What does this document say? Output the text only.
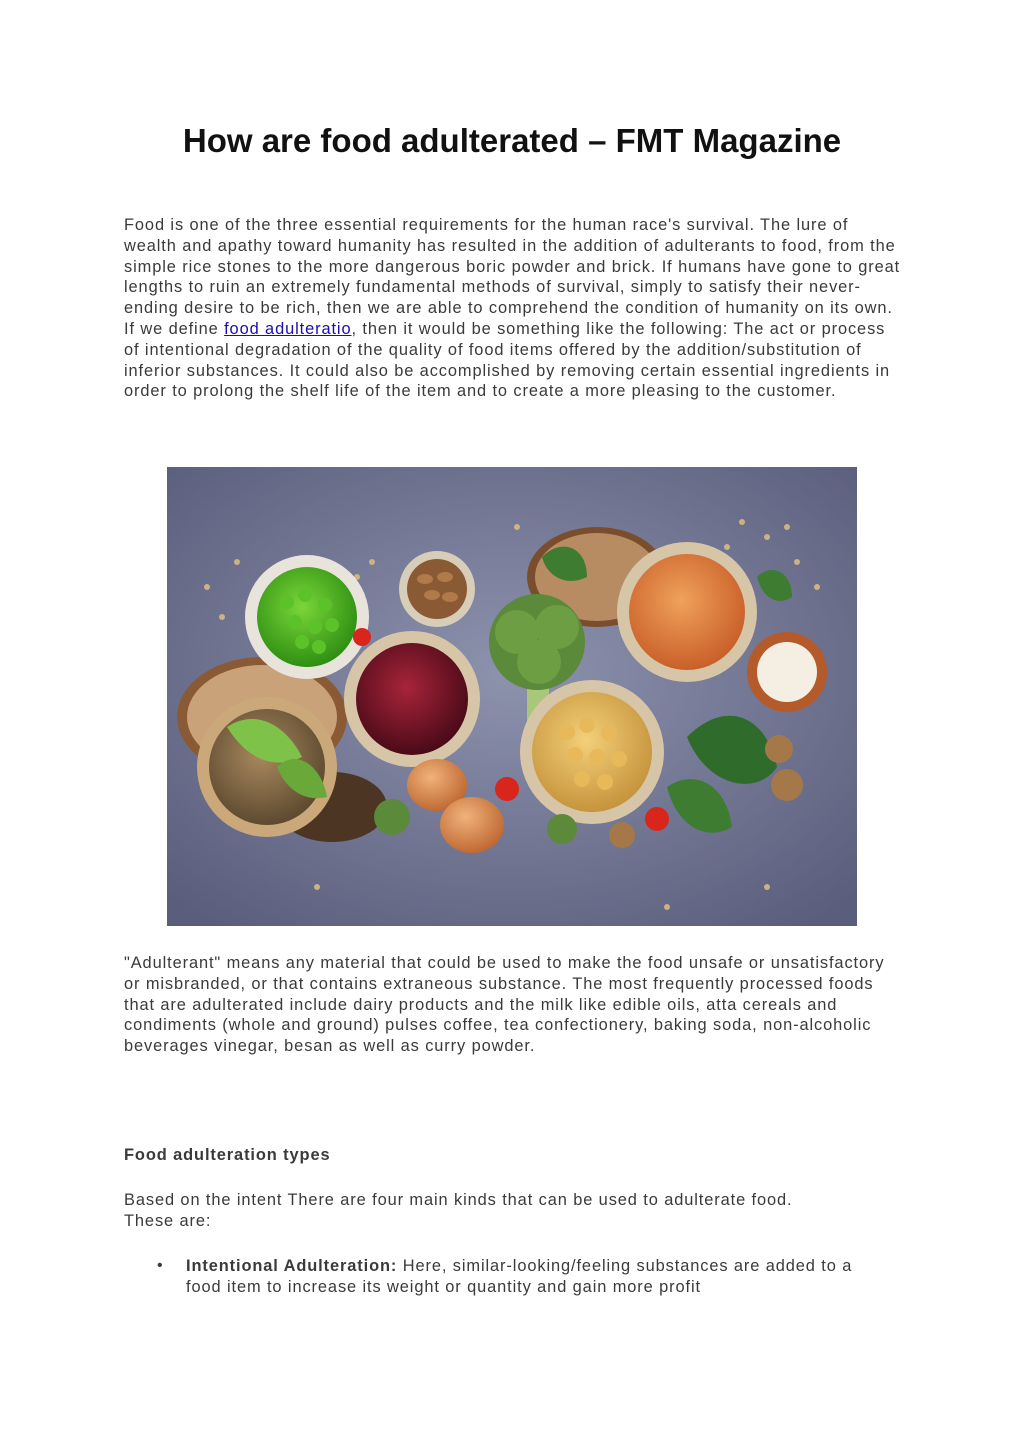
How are food adulterated – FMT Magazine

Food is one of the three essential requirements for the human race's survival. The lure of wealth and apathy toward humanity has resulted in the addition of adulterants to food, from the simple rice stones to the more dangerous boric powder and brick. If humans have gone to great lengths to ruin an extremely fundamental methods of survival, simply to satisfy their never-ending desire to be rich, then we are able to comprehend the condition of humanity on its own. If we define food adulteratio, then it would be something like the following: The act or process of intentional degradation of the quality of food items offered by the addition/substitution of inferior substances. It could also be accomplished by removing certain essential ingredients in order to prolong the shelf life of the item and to create a more pleasing to the customer.

"Adulterant" means any material that could be used to make the food unsafe or unsatisfactory or misbranded, or that contains extraneous substance. The most frequently processed foods that are adulterated include dairy products and the milk like edible oils, atta cereals and condiments (whole and ground) pulses coffee, tea confectionery, baking soda, non-alcoholic beverages vinegar, besan as well as curry powder.

Food adulteration types

Based on the intent There are four main kinds that can be used to adulterate food. These are:

• Intentional Adulteration: Here, similar-looking/feeling substances are added to a food item to increase its weight or quantity and gain more profit
